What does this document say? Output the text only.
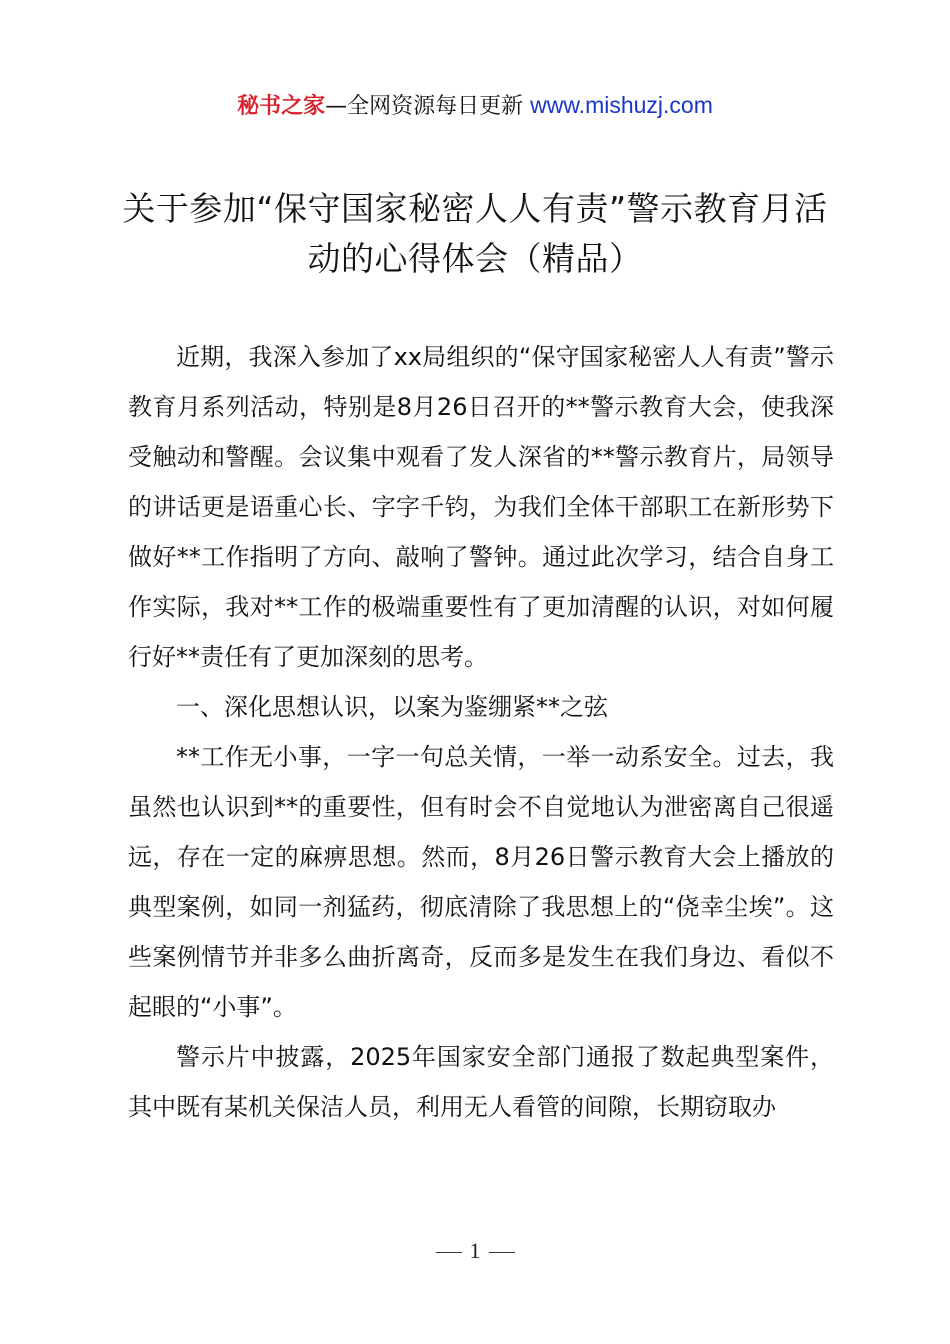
秘书之家—全网资源每日更新 www.mishuzj.com
关于参加“保守国家秘密人人有责”警示教育月活动的心得体会（精品）

近期，我深入参加了xx局组织的“保守国家秘密人人有责”警示教育月系列活动，特别是8月26日召开的**警示教育大会，使我深受触动和警醒。会议集中观看了发人深省的**警示教育片，局领导的讲话更是语重心长、字字千钧，为我们全体干部职工在新形势下做好**工作指明了方向、敲响了警钟。通过此次学习，结合自身工作实际，我对**工作的极端重要性有了更加清醒的认识，对如何履行好**责任有了更加深刻的思考。

一、深化思想认识，以案为鉴绷紧**之弦

**工作无小事，一字一句总关情，一举一动系安全。过去，我虽然也认识到**的重要性，但有时会不自觉地认为泄密离自己很遥远，存在一定的麻痹思想。然而，8月26日警示教育大会上播放的典型案例，如同一剂猛药，彻底清除了我思想上的“侥幸尘埃”。这些案例情节并非多么曲折离奇，反而多是发生在我们身边、看似不起眼的“小事”。

警示片中披露，2025年国家安全部门通报了数起典型案件，其中既有某机关保洁人员，利用无人看管的间隙，长期窃取办

1
